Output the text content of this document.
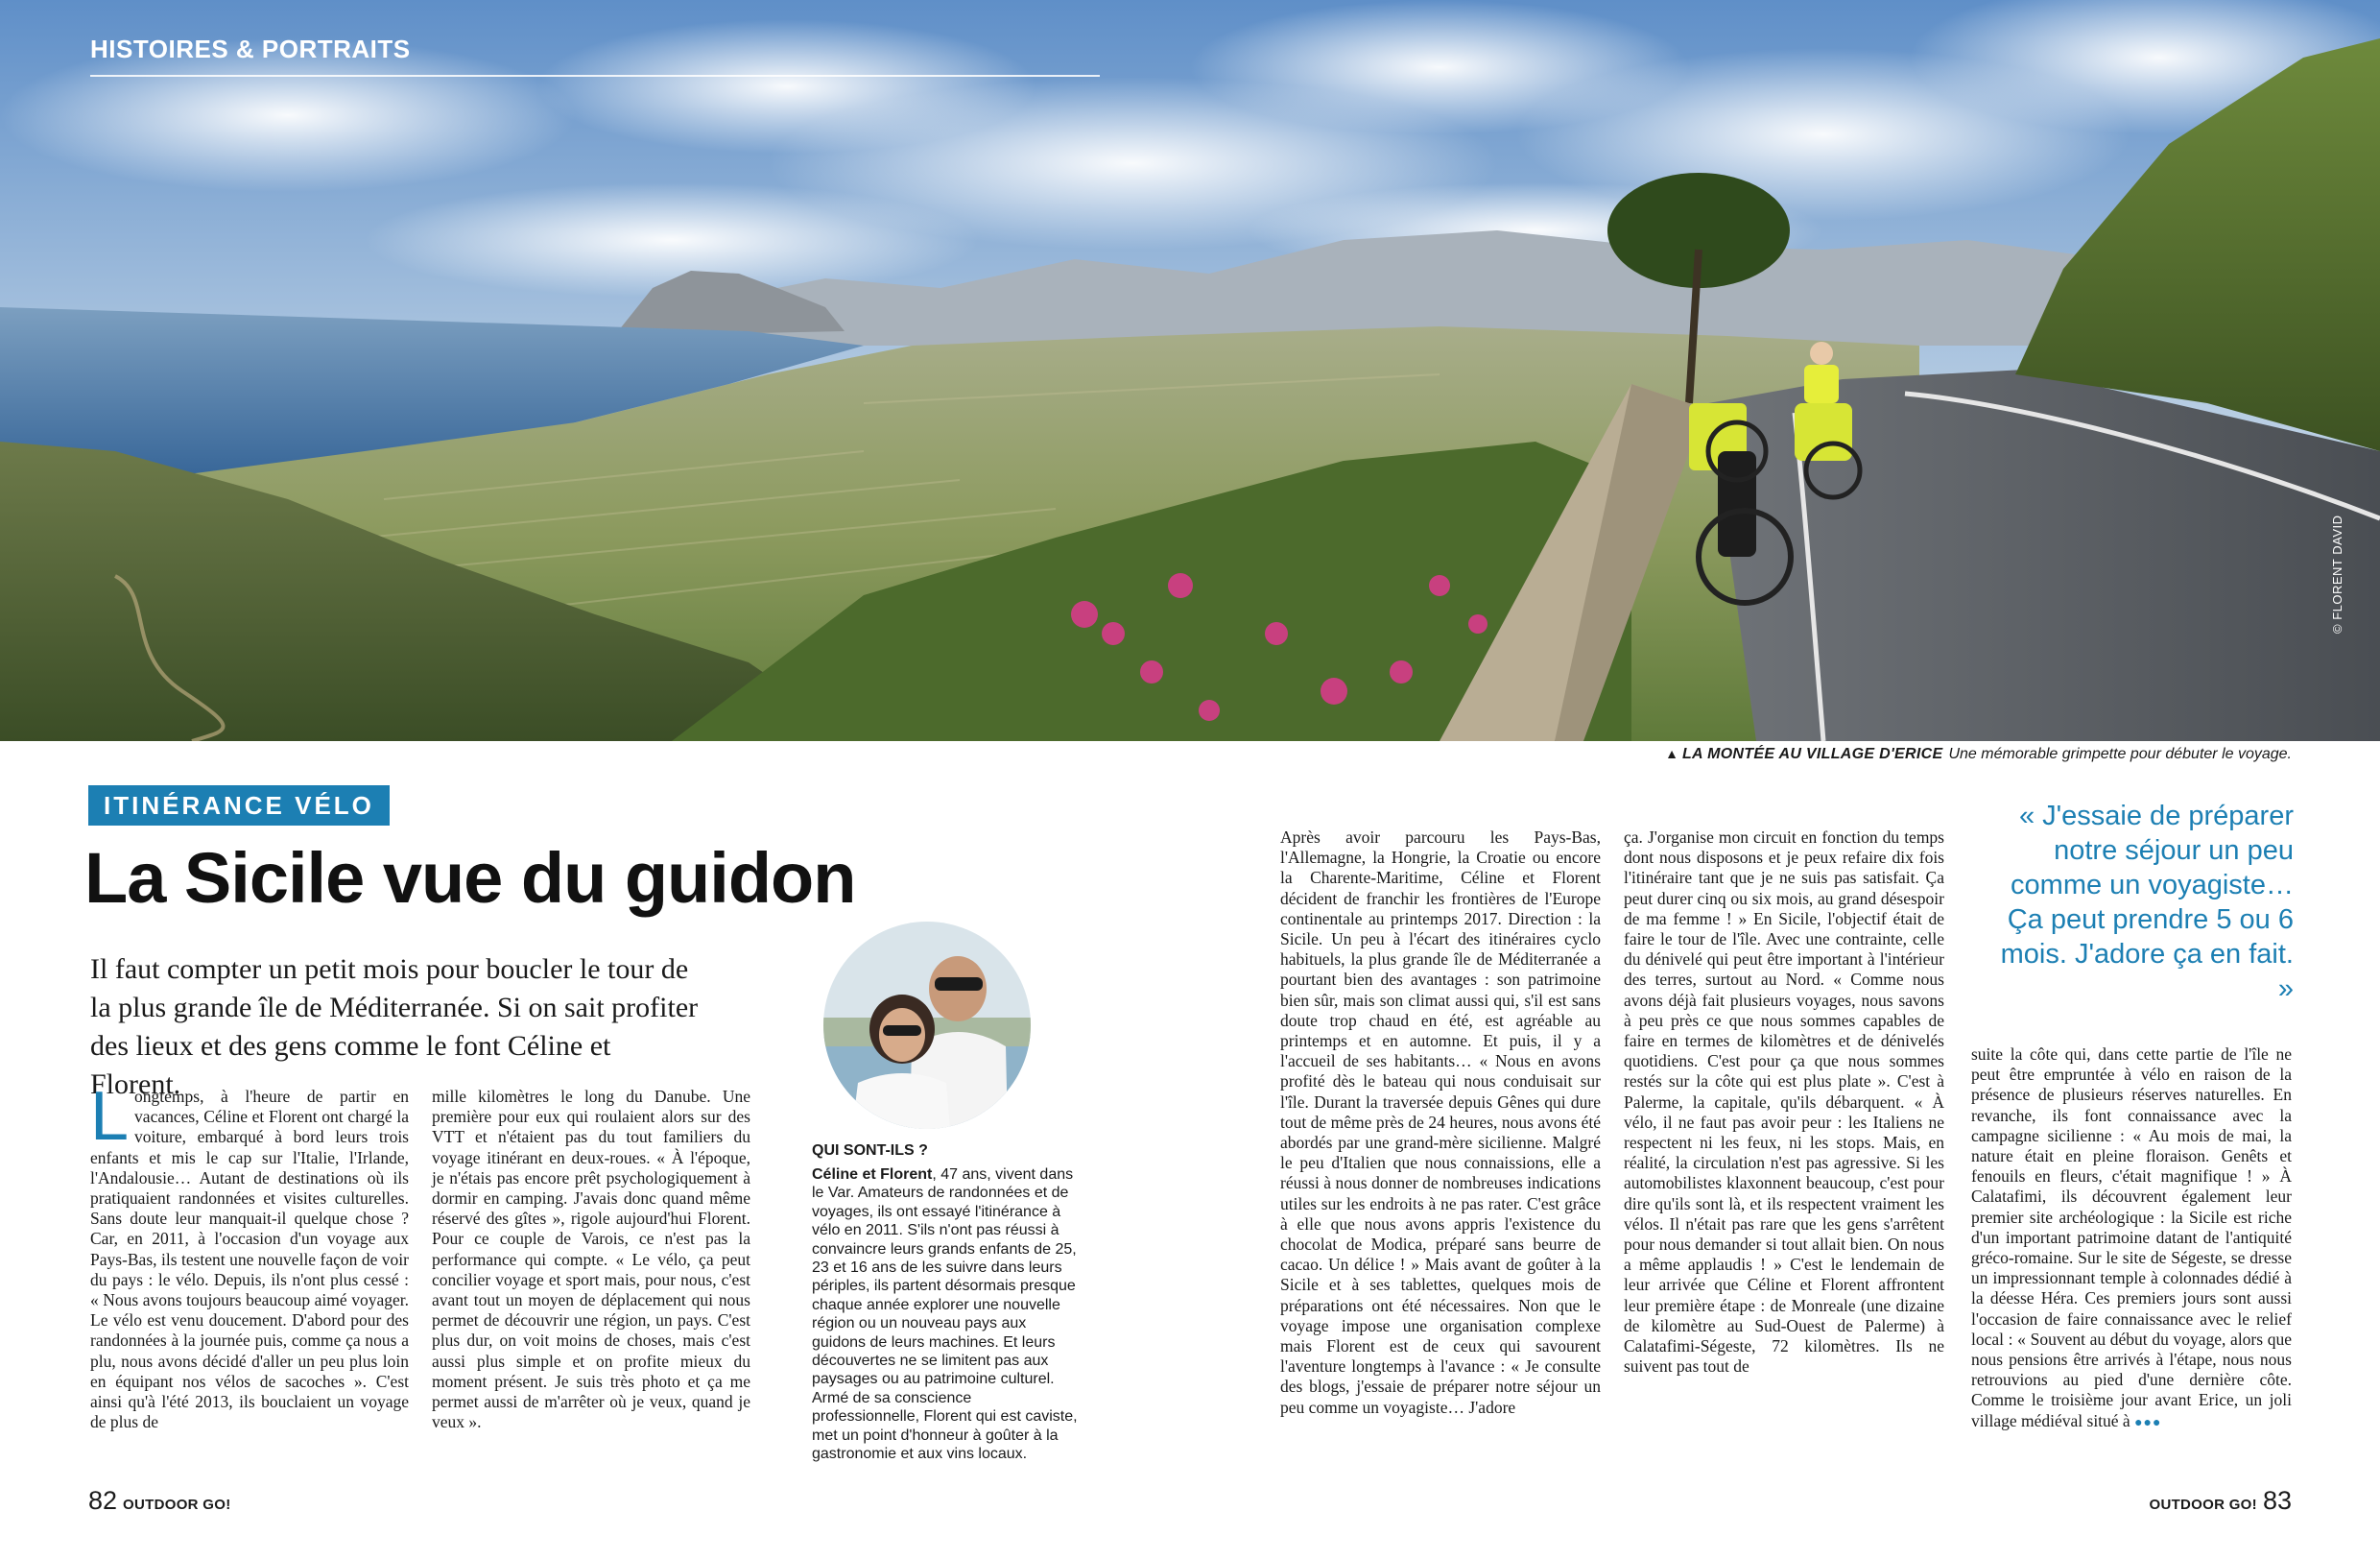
HISTOIRES & PORTRAITS
© FLORENT DAVID
▲ LA MONTÉE AU VILLAGE D'ERICE Une mémorable grimpette pour débuter le voyage.
ITINÉRANCE VÉLO
La Sicile vue du guidon

Il faut compter un petit mois pour boucler le tour de la plus grande île de Méditerranée. Si on sait profiter des lieux et des gens comme le font Céline et Florent.

Longtemps, à l'heure de partir en vacances, Céline et Florent ont chargé la voiture, embarqué à bord leurs trois enfants et mis le cap sur l'Italie, l'Irlande, l'Andalousie… Autant de destinations où ils pratiquaient randonnées et visites culturelles. Sans doute leur manquait-il quelque chose ? Car, en 2011, à l'occasion d'un voyage aux Pays-Bas, ils testent une nouvelle façon de voir du pays : le vélo. Depuis, ils n'ont plus cessé : « Nous avons toujours beaucoup aimé voyager. Le vélo est venu doucement. D'abord pour des randonnées à la journée puis, comme ça nous a plu, nous avons décidé d'aller un peu plus loin en équipant nos vélos de sacoches ». C'est ainsi qu'à l'été 2013, ils bouclaient un voyage de plus de
mille kilomètres le long du Danube. Une première pour eux qui roulaient alors sur des VTT et n'étaient pas du tout familiers du voyage itinérant en deux-roues. « À l'époque, je n'étais pas encore prêt psychologiquement à dormir en camping. J'avais donc quand même réservé des gîtes », rigole aujourd'hui Florent. Pour ce couple de Varois, ce n'est pas la performance qui compte. « Le vélo, ça peut concilier voyage et sport mais, pour nous, c'est avant tout un moyen de déplacement qui nous permet de découvrir une région, un pays. C'est plus dur, on voit moins de choses, mais c'est aussi plus simple et on profite mieux du moment présent. Je suis très photo et ça me permet aussi de m'arrêter où je veux, quand je veux ».
QUI SONT-ILS ?
Céline et Florent, 47 ans, vivent dans le Var. Amateurs de randonnées et de voyages, ils ont essayé l'itinérance à vélo en 2011. S'ils n'ont pas réussi à convaincre leurs grands enfants de 25, 23 et 16 ans de les suivre dans leurs périples, ils partent désormais presque chaque année explorer une nouvelle région ou un nouveau pays aux guidons de leurs machines. Et leurs découvertes ne se limitent pas aux paysages ou au patrimoine culturel. Armé de sa conscience professionnelle, Florent qui est caviste, met un point d'honneur à goûter à la gastronomie et aux vins locaux.
82 OUTDOOR GO!
Après avoir parcouru les Pays-Bas, l'Allemagne, la Hongrie, la Croatie ou encore la Charente-Maritime, Céline et Florent décident de franchir les frontières de l'Europe continentale au printemps 2017. Direction : la Sicile. Un peu à l'écart des itinéraires cyclo habituels, la plus grande île de Méditerranée a pourtant bien des avantages : son patrimoine bien sûr, mais son climat aussi qui, s'il est sans doute trop chaud en été, est agréable au printemps et en automne. Et puis, il y a l'accueil de ses habitants… « Nous en avons profité dès le bateau qui nous conduisait sur l'île. Durant la traversée depuis Gênes qui dure tout de même près de 24 heures, nous avons été abordés par une grand-mère sicilienne. Malgré le peu d'Italien que nous connaissions, elle a réussi à nous donner de nombreuses indications utiles sur les endroits à ne pas rater. C'est grâce à elle que nous avons appris l'existence du chocolat de Modica, préparé sans beurre de cacao. Un délice ! » Mais avant de goûter à la Sicile et à ses tablettes, quelques mois de préparations ont été nécessaires. Non que le voyage impose une organisation complexe mais Florent est de ceux qui savourent l'aventure longtemps à l'avance : « Je consulte des blogs, j'essaie de préparer notre séjour un peu comme un voyagiste… J'adore
ça. J'organise mon circuit en fonction du temps dont nous disposons et je peux refaire dix fois l'itinéraire tant que je ne suis pas satisfait. Ça peut durer cinq ou six mois, au grand désespoir de ma femme ! » En Sicile, l'objectif était de faire le tour de l'île. Avec une contrainte, celle du dénivelé qui peut être important à l'intérieur des terres, surtout au Nord. « Comme nous avons déjà fait plusieurs voyages, nous savons à peu près ce que nous sommes capables de faire en termes de kilomètres et de dénivelés quotidiens. C'est pour ça que nous sommes restés sur la côte qui est plus plate ». C'est à Palerme, la capitale, qu'ils débarquent. « À vélo, il ne faut pas avoir peur : les Italiens ne respectent ni les feux, ni les stops. Mais, en réalité, la circulation n'est pas agressive. Si les automobilistes klaxonnent beaucoup, c'est pour dire qu'ils sont là, et ils respectent vraiment les vélos. Il n'était pas rare que les gens s'arrêtent pour nous demander si tout allait bien. On nous a même applaudis ! » C'est le lendemain de leur arrivée que Céline et Florent affrontent leur première étape : de Monreale (une dizaine de kilomètre au Sud-Ouest de Palerme) à Calatafimi-Ségeste, 72 kilomètres. Ils ne suivent pas tout de
« J'essaie de préparer notre séjour un peu comme un voyagiste… Ça peut prendre 5 ou 6 mois. J'adore ça en fait. »
suite la côte qui, dans cette partie de l'île ne peut être empruntée à vélo en raison de la présence de plusieurs réserves naturelles. En revanche, ils font connaissance avec la campagne sicilienne : « Au mois de mai, la nature était en pleine floraison. Genêts et fenouils en fleurs, c'était magnifique ! » À Calatafimi, ils découvrent également leur premier site archéologique : la Sicile est riche d'un important patrimoine datant de l'antiquité gréco-romaine. Sur le site de Ségeste, se dresse un impressionnant temple à colonnades dédié à la déesse Héra. Ces premiers jours sont aussi l'occasion de faire connaissance avec le relief local : « Souvent au début du voyage, alors que nous pensions être arrivés à l'étape, nous nous retrouvions au pied d'une dernière côte. Comme le troisième jour avant Erice, un joli village médiéval situé à ●●●
OUTDOOR GO! 83
